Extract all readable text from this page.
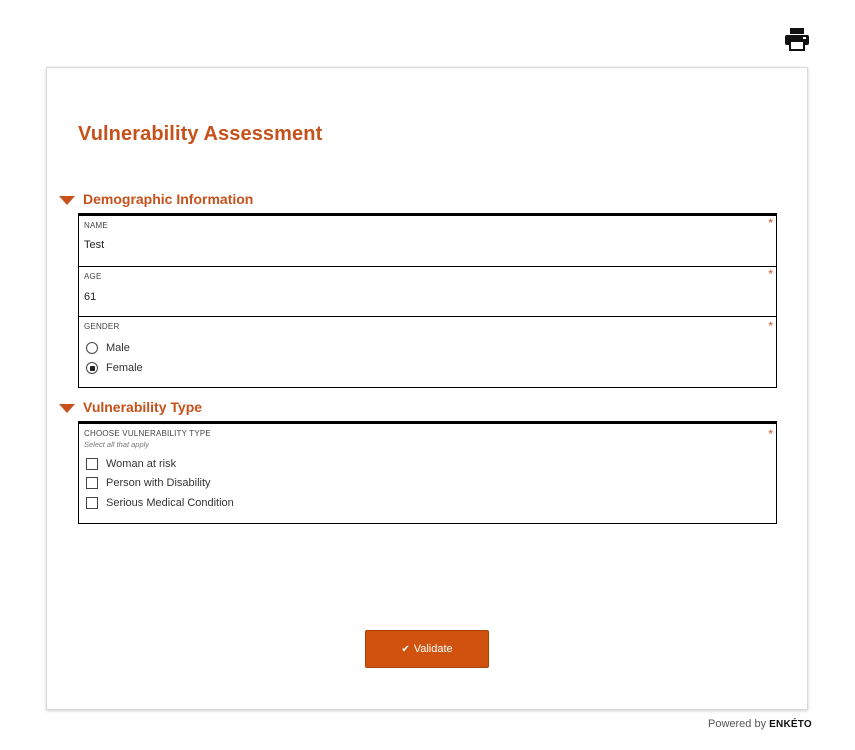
Vulnerability Assessment
Demographic Information
NAME	*
Test
AGE	*
61
GENDER	*
Male
Female
Vulnerability Type
CHOOSE VULNERABILITY TYPE
Select all that apply
*
Woman at risk
Person with Disability
Serious Medical Condition
✔ Validate
Powered by ENKÉTO
